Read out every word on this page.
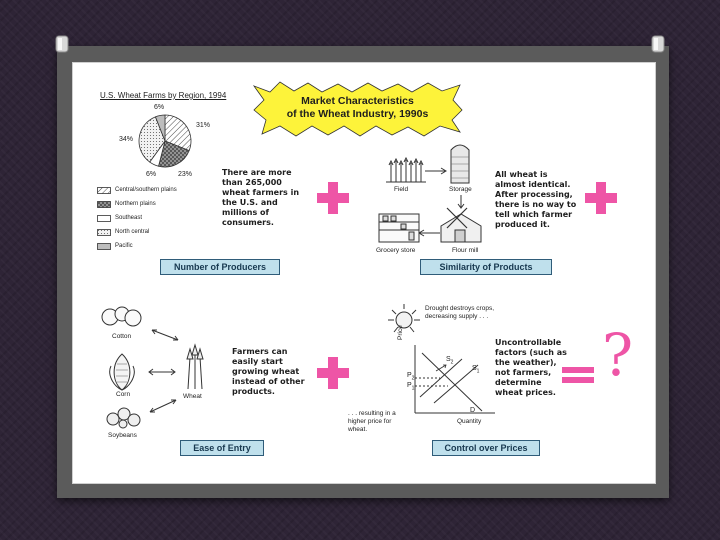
Market Characteristics
of the Wheat Industry, 1990s
U.S. Wheat Farms by Region, 1994
6%
31%
34%
6%	23%
Central/southern plains
Northern plains
Southeast
North central
Pacific
There are more than 265,000 wheat farmers in the U.S. and millions of consumers.
Number of Producers
Field	Storage
Flour mill
Grocery store
All wheat is almost identical. After processing, there is no way to tell which farmer produced it.
Similarity of Products
Cotton
Corn
Soybeans
Wheat
Farmers can easily start growing wheat instead of other products.
Ease of Entry
Drought destroys crops, decreasing supply . . .
Price
Quantity
$S_2$
$S_1$
D
$P_2$
$P_1$
. . . resulting in a higher price for wheat.
Uncontrollable factors (such as the weather), not farmers, determine wheat prices.
Control over Prices
?
